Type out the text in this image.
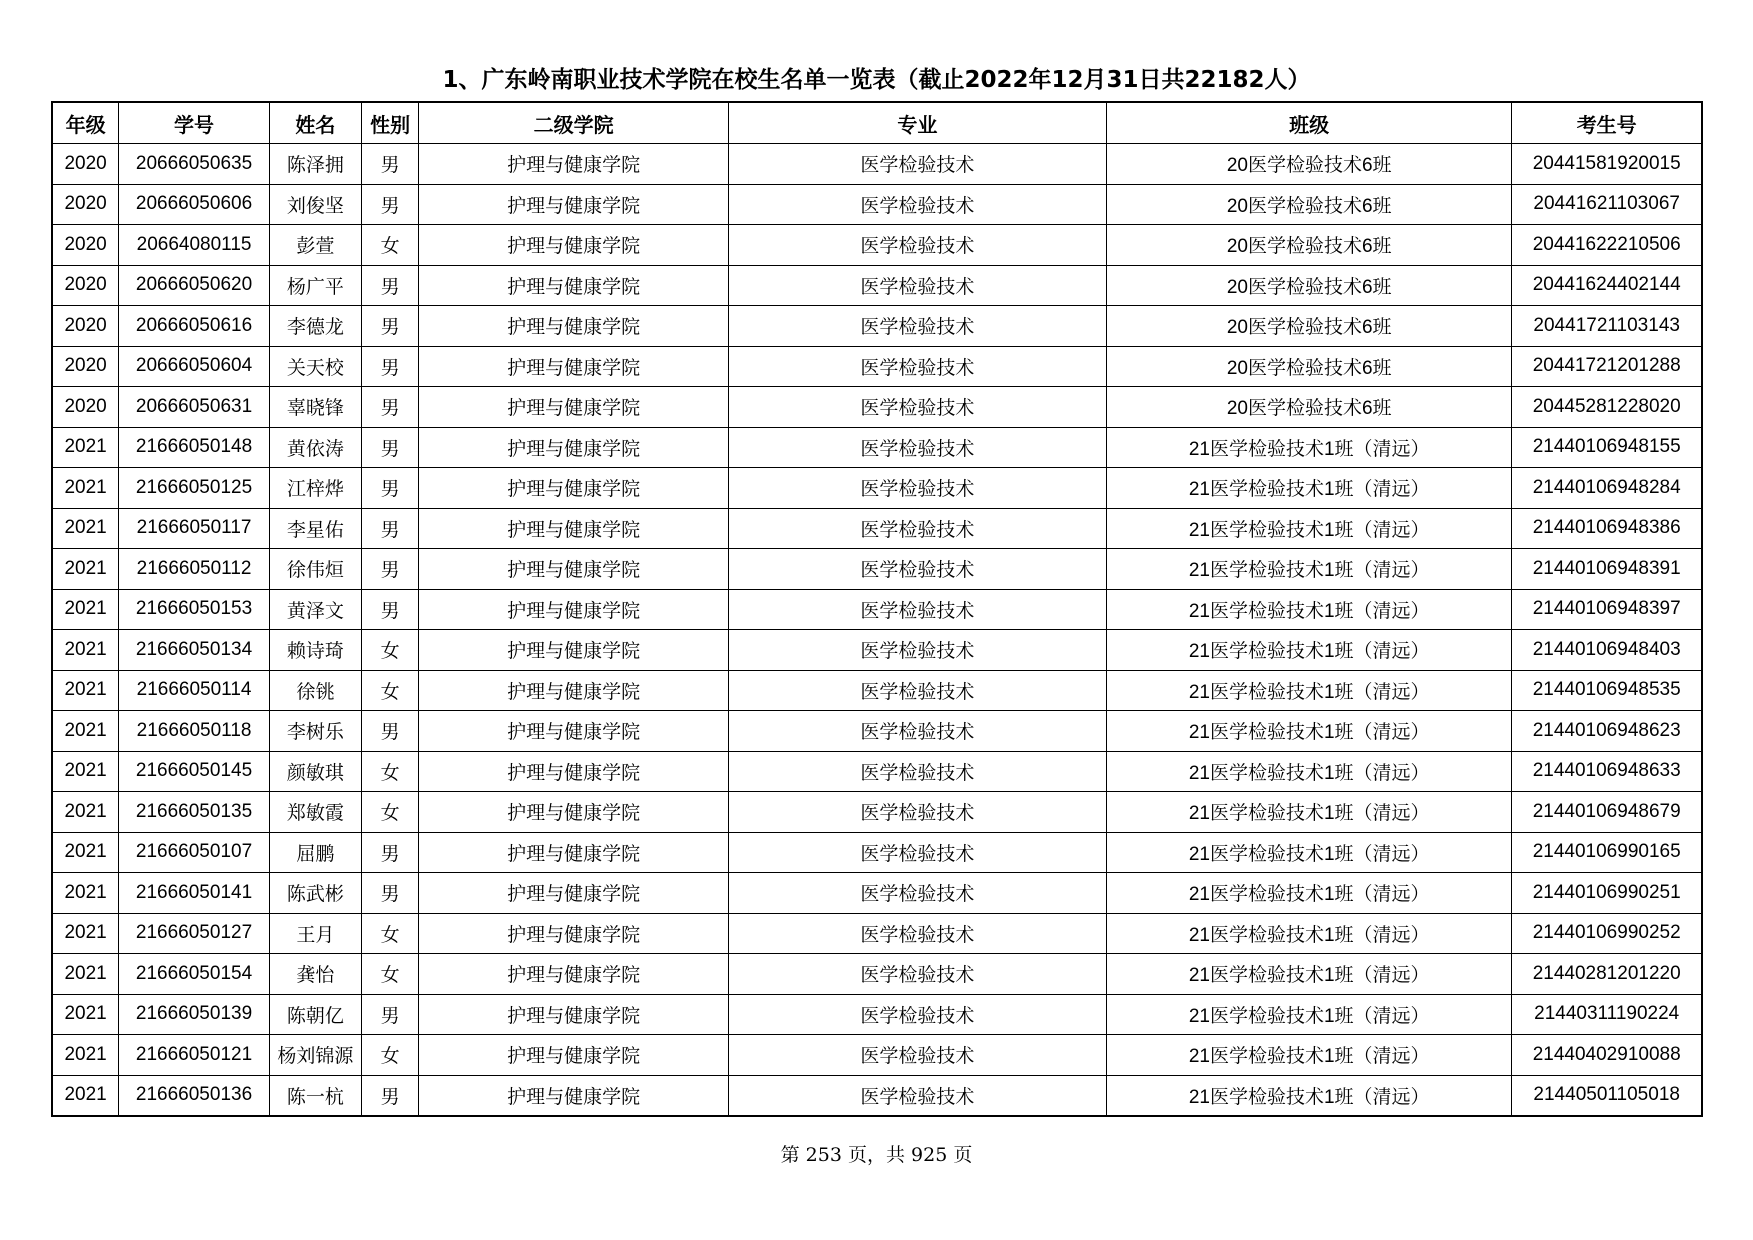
1、广东岭南职业技术学院在校生名单一览表（截止2022年12月31日共22182人）
年级	学号	姓名	性别	二级学院	专业	班级	考生号
2020	20666050635	陈泽拥	男	护理与健康学院	医学检验技术	20医学检验技术6班	20441581920015
2020	20666050606	刘俊坚	男	护理与健康学院	医学检验技术	20医学检验技术6班	20441621103067
2020	20664080115	彭萱	女	护理与健康学院	医学检验技术	20医学检验技术6班	20441622210506
2020	20666050620	杨广平	男	护理与健康学院	医学检验技术	20医学检验技术6班	20441624402144
2020	20666050616	李德龙	男	护理与健康学院	医学检验技术	20医学检验技术6班	20441721103143
2020	20666050604	关天校	男	护理与健康学院	医学检验技术	20医学检验技术6班	20441721201288
2020	20666050631	辜晓锋	男	护理与健康学院	医学检验技术	20医学检验技术6班	20445281228020
2021	21666050148	黄依涛	男	护理与健康学院	医学检验技术	21医学检验技术1班（清远）	21440106948155
2021	21666050125	江梓烨	男	护理与健康学院	医学检验技术	21医学检验技术1班（清远）	21440106948284
2021	21666050117	李星佑	男	护理与健康学院	医学检验技术	21医学检验技术1班（清远）	21440106948386
2021	21666050112	徐伟烜	男	护理与健康学院	医学检验技术	21医学检验技术1班（清远）	21440106948391
2021	21666050153	黄泽文	男	护理与健康学院	医学检验技术	21医学检验技术1班（清远）	21440106948397
2021	21666050134	赖诗琦	女	护理与健康学院	医学检验技术	21医学检验技术1班（清远）	21440106948403
2021	21666050114	徐铫	女	护理与健康学院	医学检验技术	21医学检验技术1班（清远）	21440106948535
2021	21666050118	李树乐	男	护理与健康学院	医学检验技术	21医学检验技术1班（清远）	21440106948623
2021	21666050145	颜敏琪	女	护理与健康学院	医学检验技术	21医学检验技术1班（清远）	21440106948633
2021	21666050135	郑敏霞	女	护理与健康学院	医学检验技术	21医学检验技术1班（清远）	21440106948679
2021	21666050107	屈鹏	男	护理与健康学院	医学检验技术	21医学检验技术1班（清远）	21440106990165
2021	21666050141	陈武彬	男	护理与健康学院	医学检验技术	21医学检验技术1班（清远）	21440106990251
2021	21666050127	王月	女	护理与健康学院	医学检验技术	21医学检验技术1班（清远）	21440106990252
2021	21666050154	龚怡	女	护理与健康学院	医学检验技术	21医学检验技术1班（清远）	21440281201220
2021	21666050139	陈朝亿	男	护理与健康学院	医学检验技术	21医学检验技术1班（清远）	21440311190224
2021	21666050121	杨刘锦源	女	护理与健康学院	医学检验技术	21医学检验技术1班（清远）	21440402910088
2021	21666050136	陈一杭	男	护理与健康学院	医学检验技术	21医学检验技术1班（清远）	21440501105018
第 253 页，共 925 页
